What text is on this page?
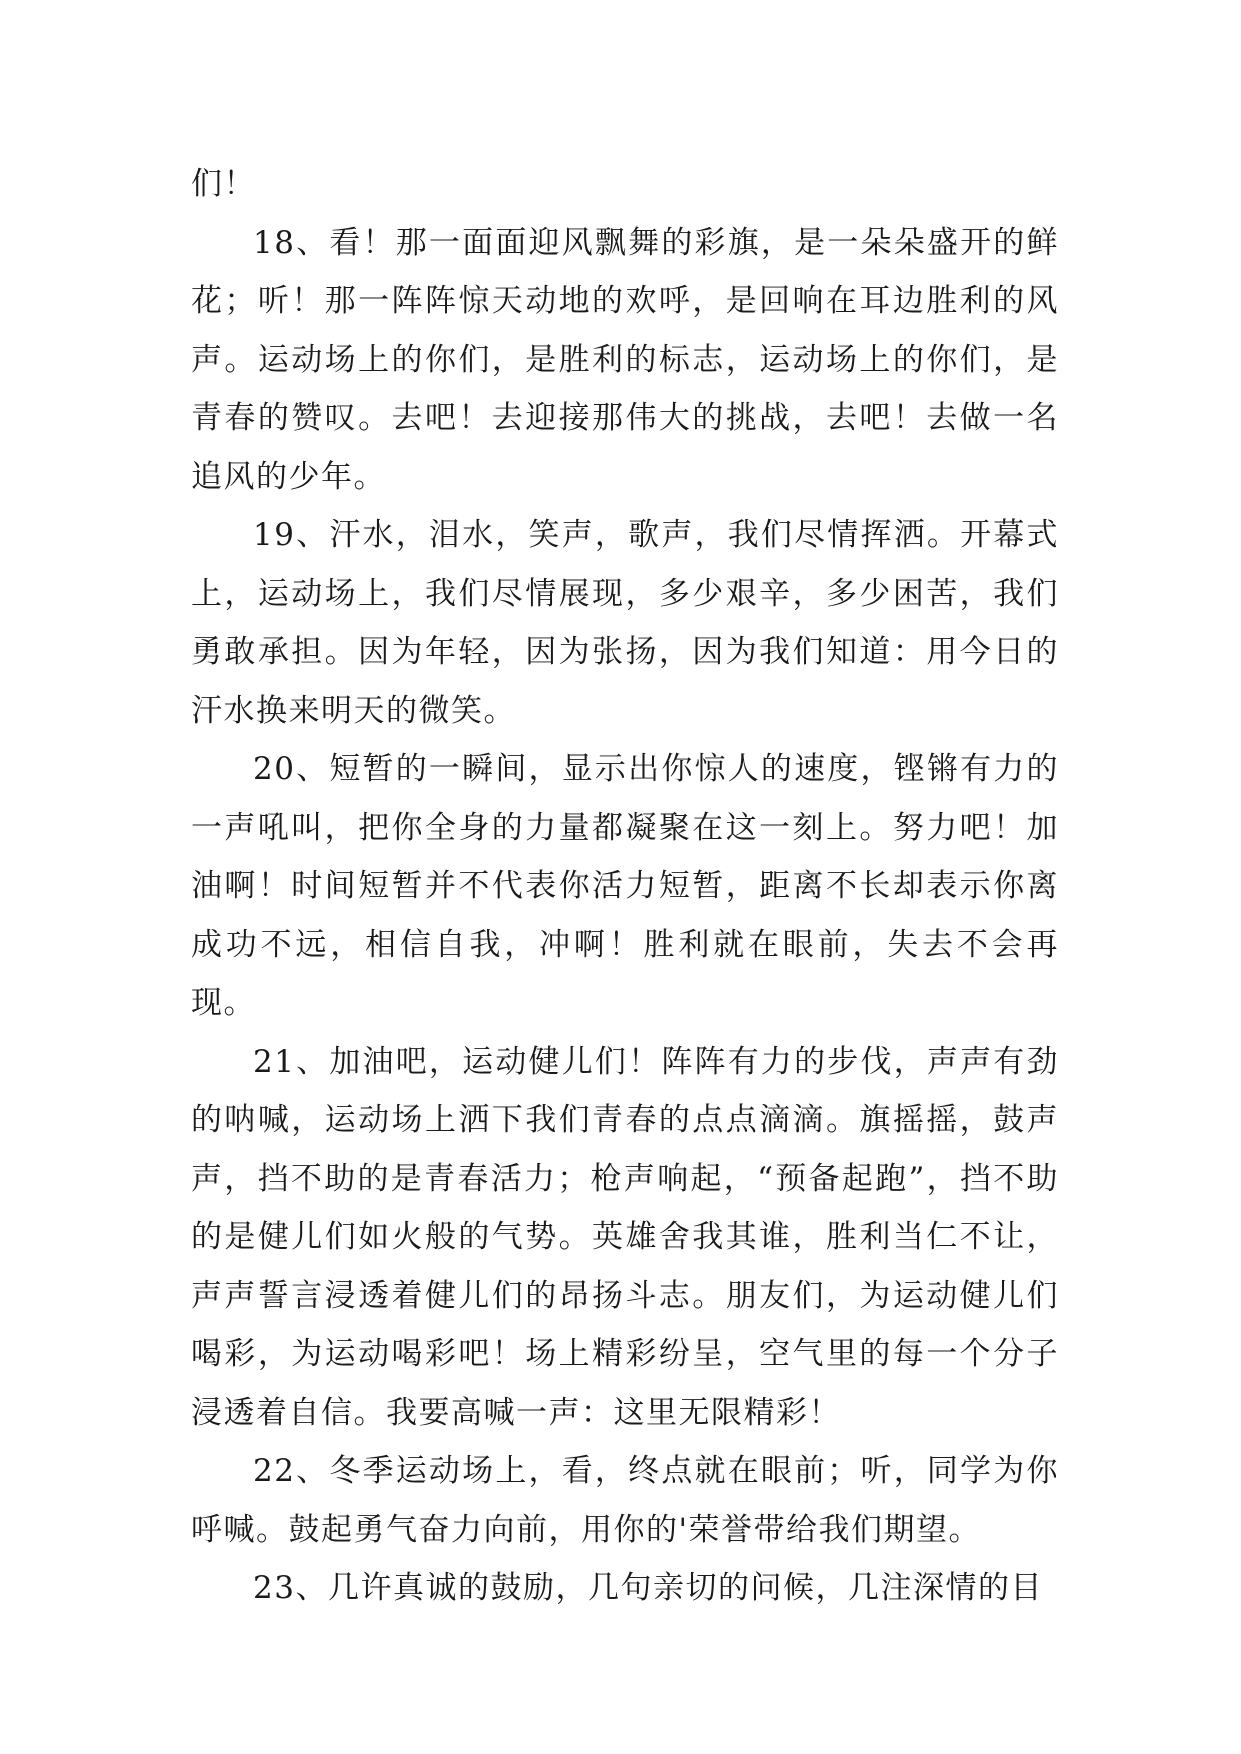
们！

18、看！那一面面迎风飘舞的彩旗，是一朵朵盛开的鲜花；听！那一阵阵惊天动地的欢呼，是回响在耳边胜利的风声。运动场上的你们，是胜利的标志，运动场上的你们，是青春的赞叹。去吧！去迎接那伟大的挑战，去吧！去做一名追风的少年。

19、汗水，泪水，笑声，歌声，我们尽情挥洒。开幕式上，运动场上，我们尽情展现，多少艰辛，多少困苦，我们勇敢承担。因为年轻，因为张扬，因为我们知道：用今日的汗水换来明天的微笑。

20、短暂的一瞬间，显示出你惊人的速度，铿锵有力的一声吼叫，把你全身的力量都凝聚在这一刻上。努力吧！加油啊！时间短暂并不代表你活力短暂，距离不长却表示你离成功不远，相信自我，冲啊！胜利就在眼前，失去不会再现。

21、加油吧，运动健儿们！阵阵有力的步伐，声声有劲的呐喊，运动场上洒下我们青春的点点滴滴。旗摇摇，鼓声声，挡不助的是青春活力；枪声响起，“预备起跑”，挡不助的是健儿们如火般的气势。英雄舍我其谁，胜利当仁不让，声声誓言浸透着健儿们的昂扬斗志。朋友们，为运动健儿们喝彩，为运动喝彩吧！场上精彩纷呈，空气里的每一个分子浸透着自信。我要高喊一声：这里无限精彩！

22、冬季运动场上，看，终点就在眼前；听，同学为你呼喊。鼓起勇气奋力向前，用你的'荣誉带给我们期望。

23、几许真诚的鼓励，几句亲切的问候，几注深情的目
